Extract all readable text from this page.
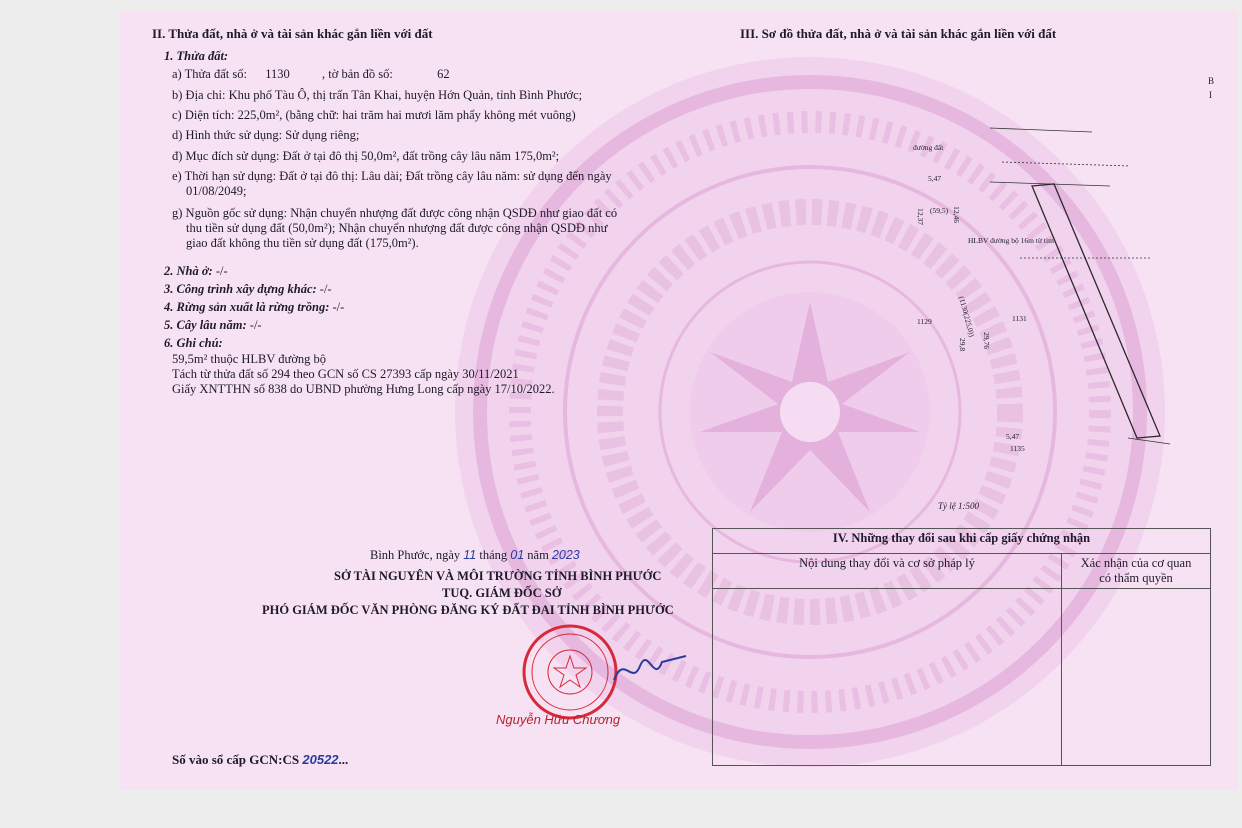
II. Thửa đất, nhà ở và tài sản khác gắn liền với đất
1. Thửa đất:
a) Thửa đất số: 1130	, tờ bản đồ số:	62
b) Địa chỉ: Khu phố Tàu Ô, thị trấn Tân Khai, huyện Hớn Quản, tỉnh Bình Phước;
c) Diện tích: 225,0m², (bằng chữ: hai trăm hai mươi lăm phẩy không mét vuông)
d) Hình thức sử dụng: Sử dụng riêng;
đ) Mục đích sử dụng: Đất ở tại đô thị 50,0m², đất trồng cây lâu năm 175,0m²;
e) Thời hạn sử dụng: Đất ở tại đô thị: Lâu dài; Đất trồng cây lâu năm: sử dụng đến ngày
01/08/2049;
g) Nguồn gốc sử dụng: Nhận chuyển nhượng đất được công nhận QSDĐ như giao đất có
thu tiền sử dụng đất (50,0m²); Nhận chuyển nhượng đất được công nhận QSDĐ như
giao đất không thu tiền sử dụng đất (175,0m²).
2. Nhà ở: -/-
3. Công trình xây dựng khác: -/-
4. Rừng sản xuất là rừng trồng: -/-
5. Cây lâu năm: -/-
6. Ghi chú:
59,5m² thuộc HLBV đường bộ
Tách từ thửa đất số 294 theo GCN số CS 27393 cấp ngày 30/11/2021
Giấy XNTTHN số 838 do UBND phường Hưng Long cấp ngày 17/10/2022.
III. Sơ đồ thửa đất, nhà ở và tài sản khác gắn liền với đất
B
I
đường đất
5,47
(59,5)
12,37	12,46
HLBV đường bộ 16m từ tim
(1130(225,0))
29,8 29,76
1129	1131
5,47
1135
Tỷ lệ 1:500
Bình Phước, ngày 11 tháng 01 năm 2023
SỞ TÀI NGUYÊN VÀ MÔI TRƯỜNG TỈNH BÌNH PHƯỚC
TUQ. GIÁM ĐỐC SỞ
PHÓ GIÁM ĐỐC VĂN PHÒNG ĐĂNG KÝ ĐẤT ĐAI TỈNH BÌNH PHƯỚC
Nguyễn Hữu Chương
Số vào sổ cấp GCN:CS 20522...
IV. Những thay đổi sau khi cấp giấy chứng nhận	
Nội dung thay đổi và cơ sở pháp lý	Xác nhận của cơ quan
có thẩm quyền
